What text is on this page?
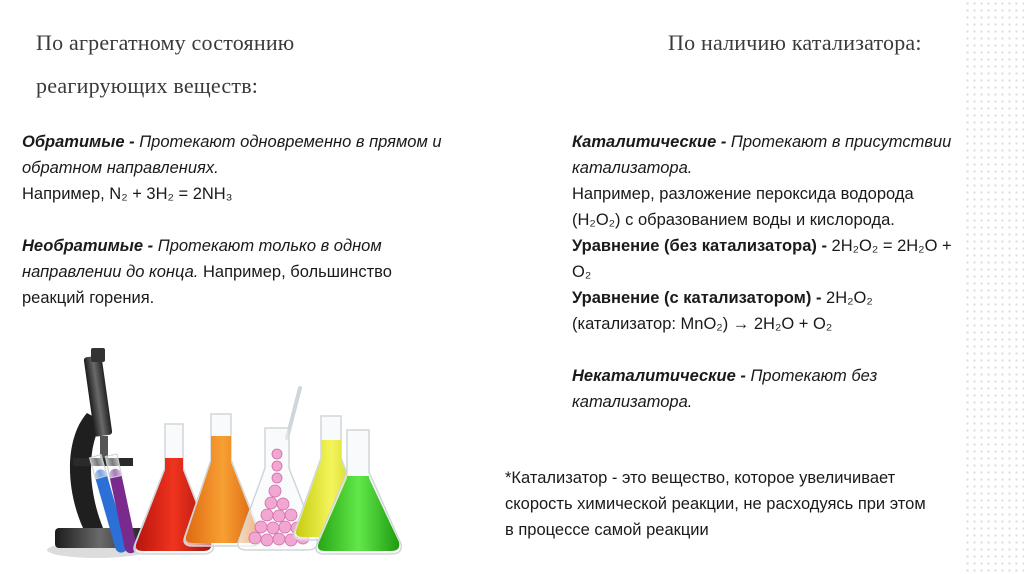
По агрегатному состоянию
реагирующих веществ:
По наличию катализатора:
Обратимые - Протекают одновременно в прямом и
обратном направлениях.
Например, N₂ + 3H₂ = 2NH₃
Необратимые - Протекают только в одном
направлении до конца. Например, большинство
реакций горения.
Каталитические - Протекают в присутствии
катализатора.
Например, разложение пероксида водорода
(H₂O₂) с образованием воды и кислорода.
Уравнение (без катализатора) - 2H₂O₂ = 2H₂O +
O₂
Уравнение (с катализатором) - 2H₂O₂
(катализатор: MnO₂) → 2H₂O + O₂
Некаталитические - Протекают без
катализатора.
*Катализатор - это вещество, которое увеличивает
скорость химической реакции, не расходуясь при этом
в процессе самой реакции
